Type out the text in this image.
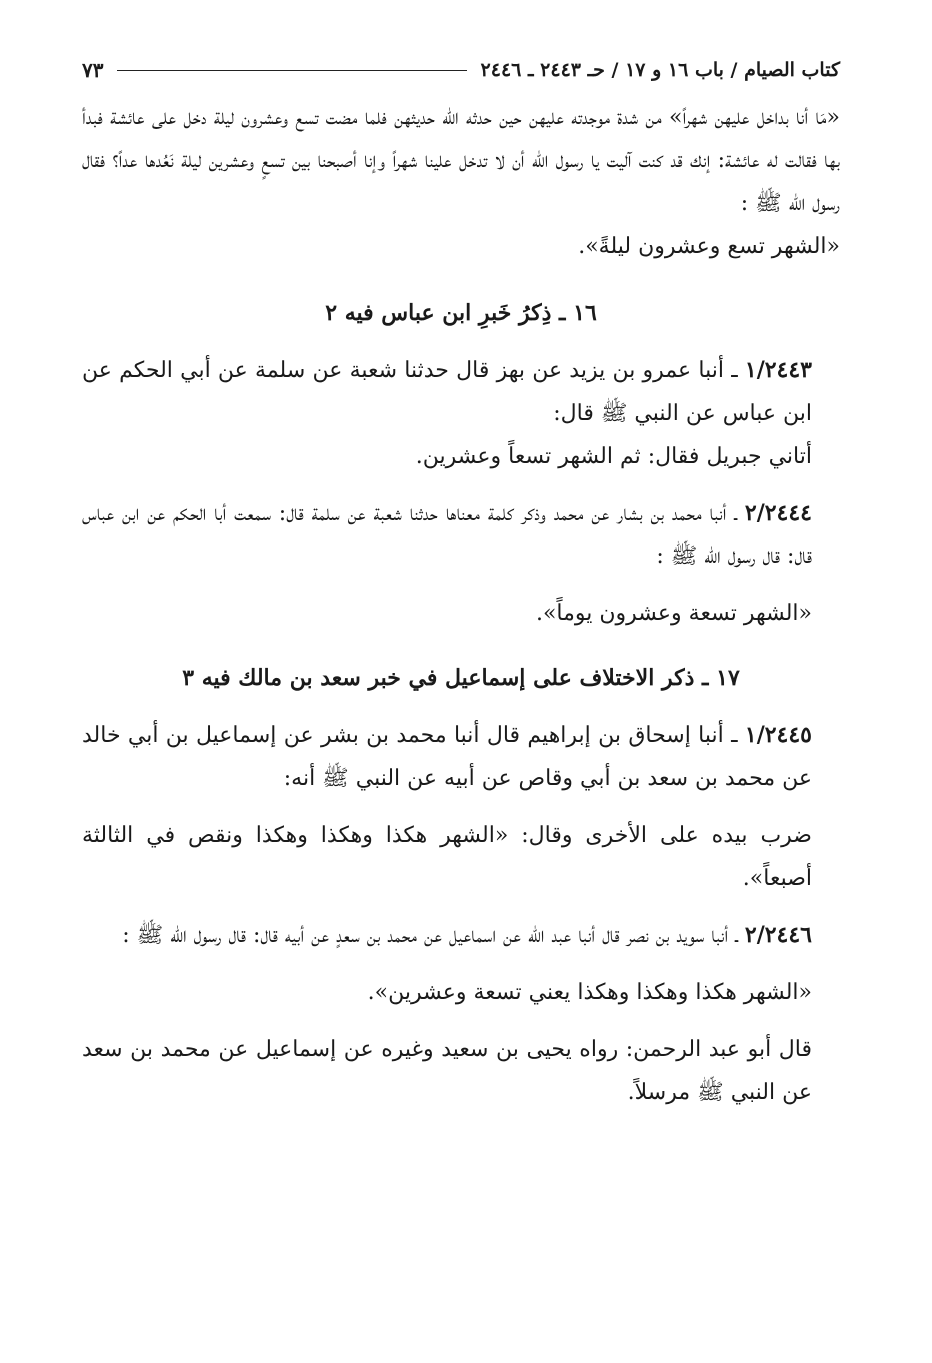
كتاب الصيام / باب ١٦ و ١٧ / حـ ٢٤٤٣ ـ ٢٤٤٦
٧٣

«مَا أنا بداخل عليهن شهراً» من شدة موجدته عليهن حين حدثه الله حديثهن فلما مضت تسع وعشرون ليلة دخل على عائشة فبدأ بها فقالت له عائشة: إنك قد كنت آليت يا رسول الله أن لا تدخل علينا شهراً وإنا أصبحنا بين تسعٍ وعشرين ليلة نَعُدها عداً؟ فقال رسول الله ﷺ :

«الشهر تسع وعشرون ليلةً».

١٦ ـ ذِكرُ خَبرِ ابن عباس فيه ٢

١/٢٤٤٣ ـ أنبا عمرو بن يزيد عن بهز قال حدثنا شعبة عن سلمة عن أبي الحكم عن ابن عباس عن النبي ﷺ قال:

أتاني جبريل فقال: ثم الشهر تسعاً وعشرين.

٢/٢٤٤٤ ـ أنبا محمد بن بشار عن محمد وذكر كلمة معناها حدثنا شعبة عن سلمة قال: سمعت أبا الحكم عن ابن عباس قال: قال رسول الله ﷺ :

«الشهر تسعة وعشرون يوماً».

١٧ ـ ذكر الاختلاف على إسماعيل في خبر سعد بن مالك فيه ٣

١/٢٤٤٥ ـ أنبا إسحاق بن إبراهيم قال أنبا محمد بن بشر عن إسماعيل بن أبي خالد عن محمد بن سعد بن أبي وقاص عن أبيه عن النبي ﷺ أنه:

ضرب بيده على الأخرى وقال: «الشهر هكذا وهكذا وهكذا ونقص في الثالثة أصبعاً».

٢/٢٤٤٦ ـ أنبا سويد بن نصر قال أنبا عبد الله عن اسماعيل عن محمد بن سعدٍ عن أبيه قال: قال رسول الله ﷺ :

«الشهر هكذا وهكذا وهكذا يعني تسعة وعشرين».

قال أبو عبد الرحمن: رواه يحيى بن سعيد وغيره عن إسماعيل عن محمد بن سعد عن النبي ﷺ مرسلاً.
